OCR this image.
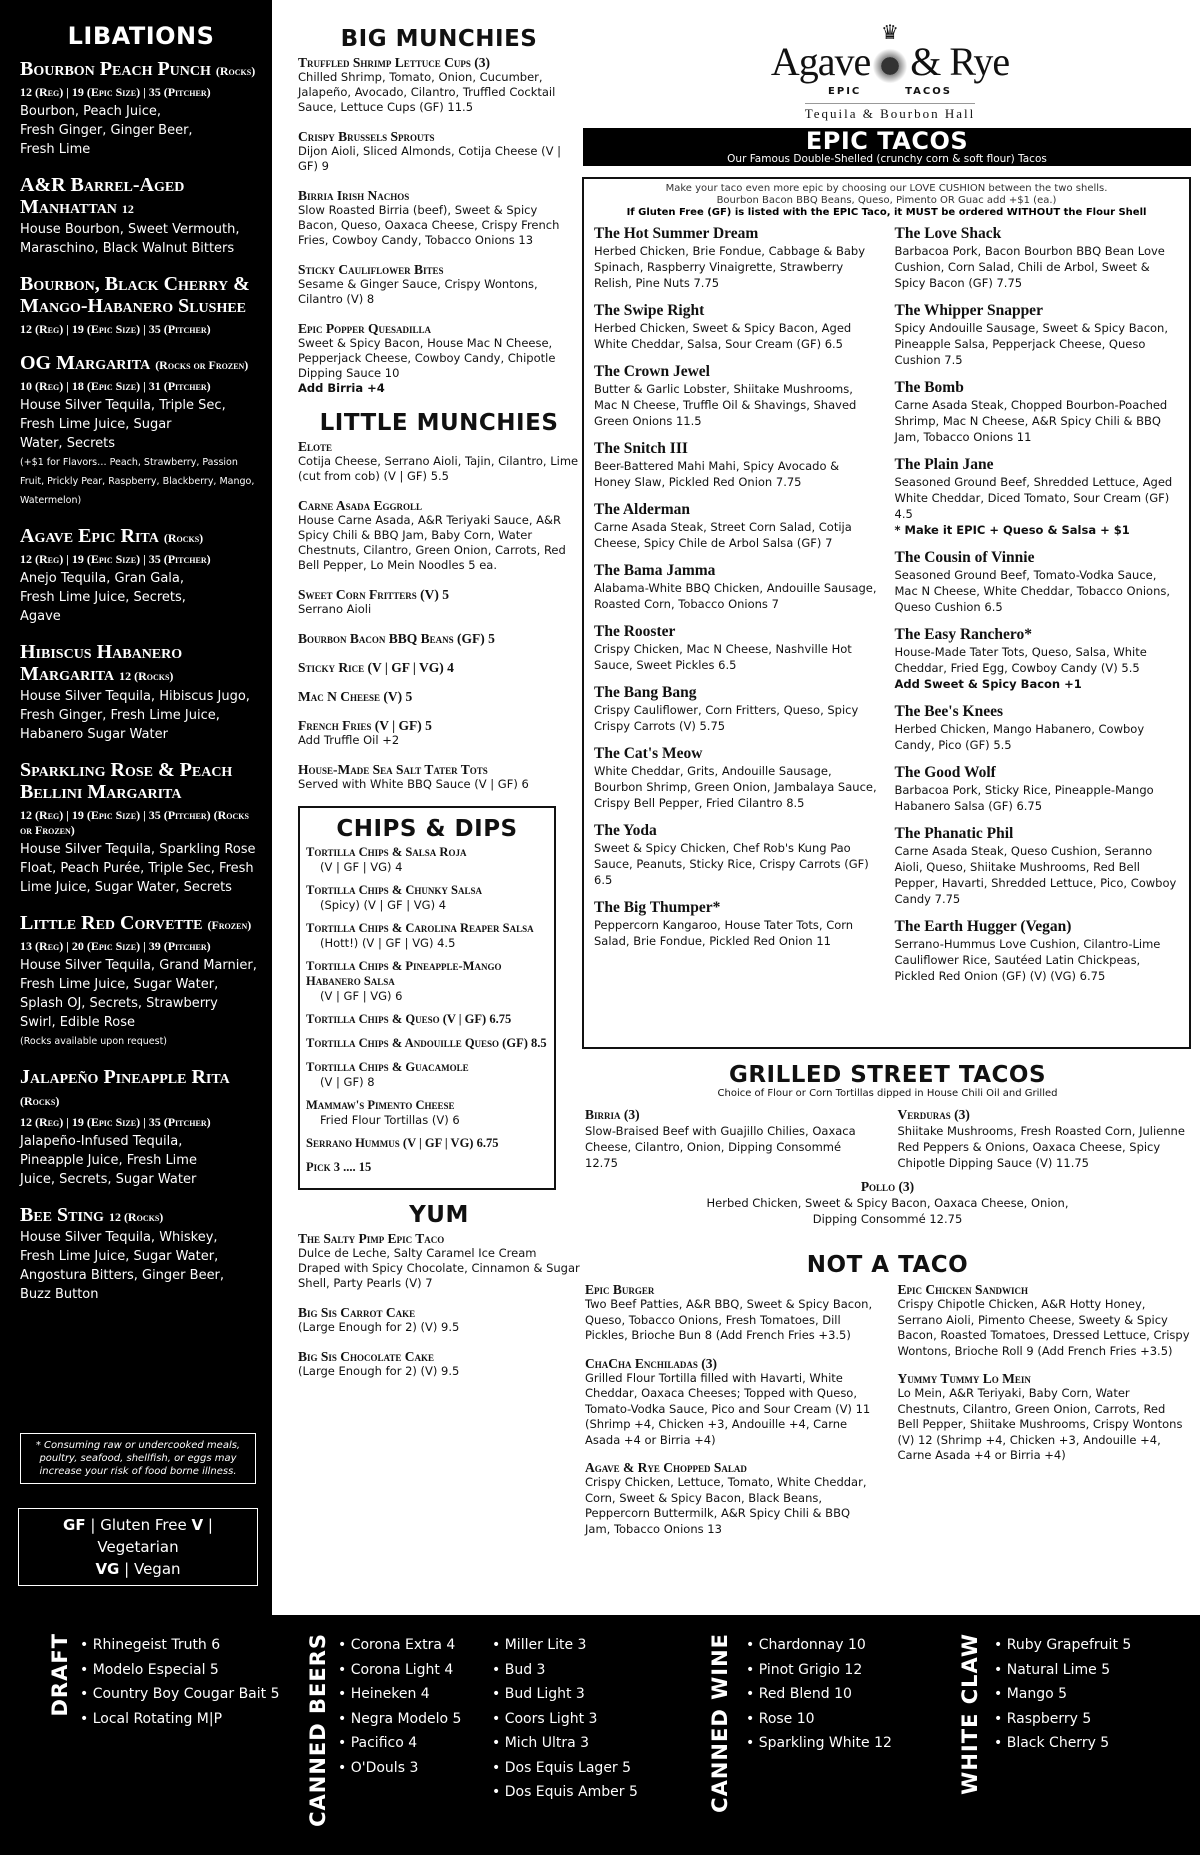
LIBATIONS
Bourbon Peach Punch (Rocks)
12 (Reg) | 19 (Epic Size) | 35 (Pitcher)
Bourbon, Peach Juice,
Fresh Ginger, Ginger Beer,
Fresh Lime
A&R Barrel-Aged Manhattan 12
House Bourbon, Sweet Vermouth,
Maraschino, Black Walnut Bitters
Bourbon, Black Cherry & Mango-Habanero Slushee
12 (Reg) | 19 (Epic Size) | 35 (Pitcher)
OG Margarita (Rocks or Frozen)
10 (Reg) | 18 (Epic Size) | 31 (Pitcher)
House Silver Tequila, Triple Sec,
Fresh Lime Juice, Sugar
Water, Secrets
(+$1 for Flavors… Peach, Strawberry, Passion Fruit, Prickly Pear, Raspberry, Blackberry, Mango, Watermelon)
Agave Epic Rita (Rocks)
12 (Reg) | 19 (Epic Size) | 35 (Pitcher)
Anejo Tequila, Gran Gala,
Fresh Lime Juice, Secrets,
Agave
Hibiscus Habanero Margarita 12 (Rocks)
House Silver Tequila, Hibiscus Jugo,
Fresh Ginger, Fresh Lime Juice,
Habanero Sugar Water
Sparkling Rose & Peach Bellini Margarita
12 (Reg) | 19 (Epic Size) | 35 (Pitcher) (Rocks or Frozen)
House Silver Tequila, Sparkling Rose
Float, Peach Purée, Triple Sec, Fresh
Lime Juice, Sugar Water, Secrets
Little Red Corvette (Frozen)
13 (Reg) | 20 (Epic Size) | 39 (Pitcher)
House Silver Tequila, Grand Marnier,
Fresh Lime Juice, Sugar Water,
Splash OJ, Secrets, Strawberry
Swirl, Edible Rose
(Rocks available upon request)
Jalapeño Pineapple Rita (Rocks)
12 (Reg) | 19 (Epic Size) | 35 (Pitcher)
Jalapeño-Infused Tequila,
Pineapple Juice, Fresh Lime
Juice, Secrets, Sugar Water
Bee Sting 12 (Rocks)
House Silver Tequila, Whiskey,
Fresh Lime Juice, Sugar Water,
Angostura Bitters, Ginger Beer,
Buzz Button
* Consuming raw or undercooked meals, poultry, seafood, shellfish, or eggs may increase your risk of food borne illness.
GF | Gluten Free V | Vegetarian
VG | Vegan
BIG MUNCHIES
Truffled Shrimp Lettuce Cups (3)
Chilled Shrimp, Tomato, Onion, Cucumber, Jalapeño, Avocado, Cilantro, Truffled Cocktail Sauce, Lettuce Cups (GF) 11.5
Crispy Brussels Sprouts
Dijon Aioli, Sliced Almonds, Cotija Cheese (V | GF) 9
Birria Irish Nachos
Slow Roasted Birria (beef), Sweet & Spicy Bacon, Queso, Oaxaca Cheese, Crispy French Fries, Cowboy Candy, Tobacco Onions 13
Sticky Cauliflower Bites
Sesame & Ginger Sauce, Crispy Wontons, Cilantro (V) 8
Epic Popper Quesadilla
Sweet & Spicy Bacon, House Mac N Cheese, Pepperjack Cheese, Cowboy Candy, Chipotle Dipping Sauce 10
Add Birria +4
LITTLE MUNCHIES
Elote
Cotija Cheese, Serrano Aioli, Tajin, Cilantro, Lime (cut from cob) (V | GF) 5.5
Carne Asada Eggroll
House Carne Asada, A&R Teriyaki Sauce, A&R Spicy Chili & BBQ Jam, Baby Corn, Water Chestnuts, Cilantro, Green Onion, Carrots, Red Bell Pepper, Lo Mein Noodles 5 ea.
Sweet Corn Fritters (V) 5
Serrano Aioli
Bourbon Bacon BBQ Beans (GF) 5
Sticky Rice (V | GF | VG) 4
Mac N Cheese (V) 5
French Fries (V | GF) 5
Add Truffle Oil +2
House-Made Sea Salt Tater Tots
Served with White BBQ Sauce (V | GF) 6
CHIPS & DIPS
Tortilla Chips & Salsa Roja
(V | GF | VG) 4
Tortilla Chips & Chunky Salsa
(Spicy) (V | GF | VG) 4
Tortilla Chips & Carolina Reaper Salsa
(Hott!) (V | GF | VG) 4.5
Tortilla Chips & Pineapple-Mango Habanero Salsa
(V | GF | VG) 6
Tortilla Chips & Queso (V | GF) 6.75
Tortilla Chips & Andouille Queso (GF) 8.5
Tortilla Chips & Guacamole
(V | GF) 8
Mammaw's Pimento Cheese
Fried Flour Tortillas (V) 6
Serrano Hummus (V | GF | VG) 6.75
Pick 3 .... 15
YUM
The Salty Pimp Epic Taco
Dulce de Leche, Salty Caramel Ice Cream Draped with Spicy Chocolate, Cinnamon & Sugar Shell, Party Pearls (V) 7
Big Sis Carrot Cake
(Large Enough for 2) (V) 9.5
Big Sis Chocolate Cake
(Large Enough for 2) (V) 9.5
♛
Agave & Rye
EPIC	TACOS
Tequila & Bourbon Hall
EPIC TACOS
Our Famous Double-Shelled (crunchy corn & soft flour) Tacos
Make your taco even more epic by choosing our LOVE CUSHION between the two shells.
Bourbon Bacon BBQ Beans, Queso, Pimento OR Guac add +$1 (ea.)
If Gluten Free (GF) is listed with the EPIC Taco, it MUST be ordered WITHOUT the Flour Shell
The Hot Summer Dream
Herbed Chicken, Brie Fondue, Cabbage & Baby Spinach, Raspberry Vinaigrette, Strawberry Relish, Pine Nuts 7.75
The Swipe Right
Herbed Chicken, Sweet & Spicy Bacon, Aged White Cheddar, Salsa, Sour Cream (GF) 6.5
The Crown Jewel
Butter & Garlic Lobster, Shiitake Mushrooms, Mac N Cheese, Truffle Oil & Shavings, Shaved Green Onions 11.5
The Snitch III
Beer-Battered Mahi Mahi, Spicy Avocado & Honey Slaw, Pickled Red Onion 7.75
The Alderman
Carne Asada Steak, Street Corn Salad, Cotija Cheese, Spicy Chile de Arbol Salsa (GF) 7
The Bama Jamma
Alabama-White BBQ Chicken, Andouille Sausage, Roasted Corn, Tobacco Onions 7
The Rooster
Crispy Chicken, Mac N Cheese, Nashville Hot Sauce, Sweet Pickles 6.5
The Bang Bang
Crispy Cauliflower, Corn Fritters, Queso, Spicy Crispy Carrots (V) 5.75
The Cat's Meow
White Cheddar, Grits, Andouille Sausage, Bourbon Shrimp, Green Onion, Jambalaya Sauce, Crispy Bell Pepper, Fried Cilantro 8.5
The Yoda
Sweet & Spicy Chicken, Chef Rob's Kung Pao Sauce, Peanuts, Sticky Rice, Crispy Carrots (GF) 6.5
The Big Thumper*
Peppercorn Kangaroo, House Tater Tots, Corn Salad, Brie Fondue, Pickled Red Onion 11
The Love Shack
Barbacoa Pork, Bacon Bourbon BBQ Bean Love Cushion, Corn Salad, Chili de Arbol, Sweet & Spicy Bacon (GF) 7.75
The Whipper Snapper
Spicy Andouille Sausage, Sweet & Spicy Bacon, Pineapple Salsa, Pepperjack Cheese, Queso Cushion 7.5
The Bomb
Carne Asada Steak, Chopped Bourbon-Poached Shrimp, Mac N Cheese, A&R Spicy Chili & BBQ Jam, Tobacco Onions 11
The Plain Jane
Seasoned Ground Beef, Shredded Lettuce, Aged White Cheddar, Diced Tomato, Sour Cream (GF) 4.5
* Make it EPIC + Queso & Salsa + $1
The Cousin of Vinnie
Seasoned Ground Beef, Tomato-Vodka Sauce, Mac N Cheese, White Cheddar, Tobacco Onions, Queso Cushion 6.5
The Easy Ranchero*
House-Made Tater Tots, Queso, Salsa, White Cheddar, Fried Egg, Cowboy Candy (V) 5.5
Add Sweet & Spicy Bacon +1
The Bee's Knees
Herbed Chicken, Mango Habanero, Cowboy Candy, Pico (GF) 5.5
The Good Wolf
Barbacoa Pork, Sticky Rice, Pineapple-Mango Habanero Salsa (GF) 6.75
The Phanatic Phil
Carne Asada Steak, Queso Cushion, Seranno Aioli, Queso, Shiitake Mushrooms, Red Bell Pepper, Havarti, Shredded Lettuce, Pico, Cowboy Candy 7.75
The Earth Hugger (Vegan)
Serrano-Hummus Love Cushion, Cilantro-Lime Cauliflower Rice, Sautéed Latin Chickpeas, Pickled Red Onion (GF) (V) (VG) 6.75
GRILLED STREET TACOS
Choice of Flour or Corn Tortillas dipped in House Chili Oil and Grilled
Birria (3)
Slow-Braised Beef with Guajillo Chilies, Oaxaca Cheese, Cilantro, Onion, Dipping Consommé 12.75
Verduras (3)
Shiitake Mushrooms, Fresh Roasted Corn, Julienne Red Peppers & Onions, Oaxaca Cheese, Spicy Chipotle Dipping Sauce (V) 11.75
Pollo (3)
Herbed Chicken, Sweet & Spicy Bacon, Oaxaca Cheese, Onion, Dipping Consommé 12.75
NOT A TACO
Epic Burger
Two Beef Patties, A&R BBQ, Sweet & Spicy Bacon, Queso, Tobacco Onions, Fresh Tomatoes, Dill Pickles, Brioche Bun 8 (Add French Fries +3.5)
ChaCha Enchiladas (3)
Grilled Flour Tortilla filled with Havarti, White Cheddar, Oaxaca Cheeses; Topped with Queso, Tomato-Vodka Sauce, Pico and Sour Cream (V) 11 (Shrimp +4, Chicken +3, Andouille +4, Carne Asada +4 or Birria +4)
Agave & Rye Chopped Salad
Crispy Chicken, Lettuce, Tomato, White Cheddar, Corn, Sweet & Spicy Bacon, Black Beans, Peppercorn Buttermilk, A&R Spicy Chili & BBQ Jam, Tobacco Onions 13
Epic Chicken Sandwich
Crispy Chipotle Chicken, A&R Hotty Honey, Serrano Aioli, Pimento Cheese, Sweety & Spicy Bacon, Roasted Tomatoes, Dressed Lettuce, Crispy Wontons, Brioche Roll 9 (Add French Fries +3.5)
Yummy Tummy Lo Mein
Lo Mein, A&R Teriyaki, Baby Corn, Water Chestnuts, Cilantro, Green Onion, Carrots, Red Bell Pepper, Shiitake Mushrooms, Crispy Wontons (V) 12 (Shrimp +4, Chicken +3, Andouille +4, Carne Asada +4 or Birria +4)
DRAFT	• Rhinegeist Truth 6
• Modelo Especial 5
• Country Boy Cougar Bait 5
• Local Rotating M|P	CANNED BEERS	• Corona Extra 4
• Corona Light 4
• Heineken 4
• Negra Modelo 5
• Pacifico 4
• O'Douls 3
• Miller Lite 3
• Bud 3
• Bud Light 3
• Coors Light 3
• Mich Ultra 3
• Dos Equis Lager 5
• Dos Equis Amber 5	CANNED WINE	• Chardonnay 10
• Pinot Grigio 12
• Red Blend 10
• Rose 10
• Sparkling White 12	WHITE CLAW	• Ruby Grapefruit 5
• Natural Lime 5
• Mango 5
• Raspberry 5
• Black Cherry 5
